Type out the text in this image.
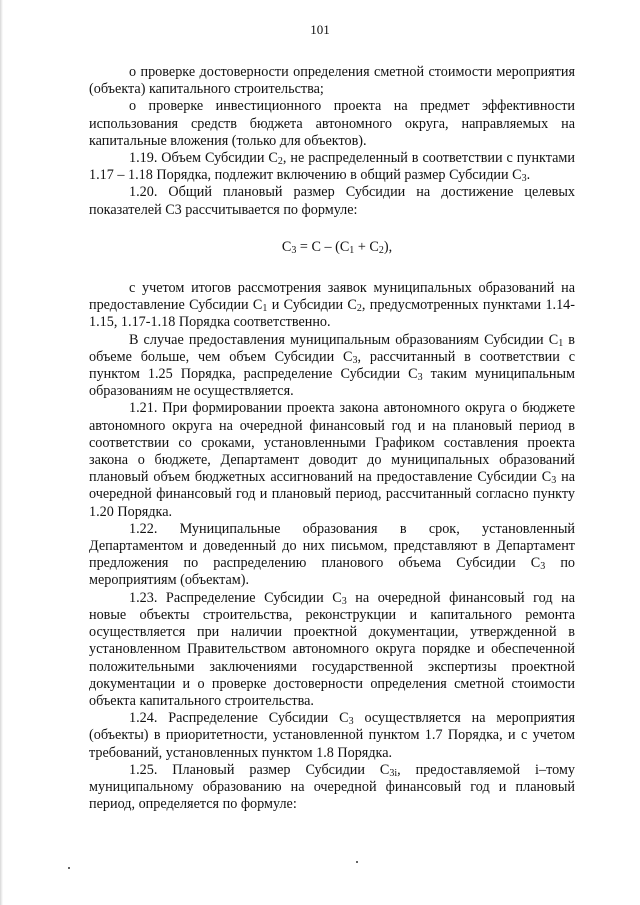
101

о проверке достоверности определения сметной стоимости мероприятия (объекта) капитального строительства;

о проверке инвестиционного проекта на предмет эффективности использования средств бюджета автономного округа, направляемых на капитальные вложения (только для объектов).

1.19. Объем Субсидии $С_2$, не распределенный в соответствии с пунктами 1.17 – 1.18 Порядка, подлежит включению в общий размер Субсидии $С_3$.

1.20. Общий плановый размер Субсидии на достижение целевых показателей С3 рассчитывается по формуле:

$С_3 = С - (С_1 + С_2)$,

с учетом итогов рассмотрения заявок муниципальных образований на предоставление Субсидии $С_1$ и Субсидии $С_2$, предусмотренных пунктами 1.14-1.15, 1.17-1.18 Порядка соответственно.

В случае предоставления муниципальным образованиям Субсидии $С_1$ в объеме больше, чем объем Субсидии $С_3$, рассчитанный в соответствии с пунктом 1.25 Порядка, распределение Субсидии $С_3$ таким муниципальным образованиям не осуществляется.

1.21. При формировании проекта закона автономного округа о бюджете автономного округа на очередной финансовый год и на плановый период в соответствии со сроками, установленными Графиком составления проекта закона о бюджете, Департамент доводит до муниципальных образований плановый объем бюджетных ассигнований на предоставление Субсидии $С_3$ на очередной финансовый год и плановый период, рассчитанный согласно пункту 1.20 Порядка.

1.22. Муниципальные образования в срок, установленный Департаментом и доведенный до них письмом, представляют в Департамент предложения по распределению планового объема Субсидии $С_3$ по мероприятиям (объектам).

1.23. Распределение Субсидии $С_3$ на очередной финансовый год на новые объекты строительства, реконструкции и капитального ремонта осуществляется при наличии проектной документации, утвержденной в установленном Правительством автономного округа порядке и обеспеченной положительными заключениями государственной экспертизы проектной документации и о проверке достоверности определения сметной стоимости объекта капитального строительства.

1.24. Распределение Субсидии $С_3$ осуществляется на мероприятия (объекты) в приоритетности, установленной пунктом 1.7 Порядка, и с учетом требований, установленных пунктом 1.8 Порядка.

1.25. Плановый размер Субсидии $С_{3i}$, предоставляемой i–тому муниципальному образованию на очередной финансовый год и плановый период, определяется по формуле:
